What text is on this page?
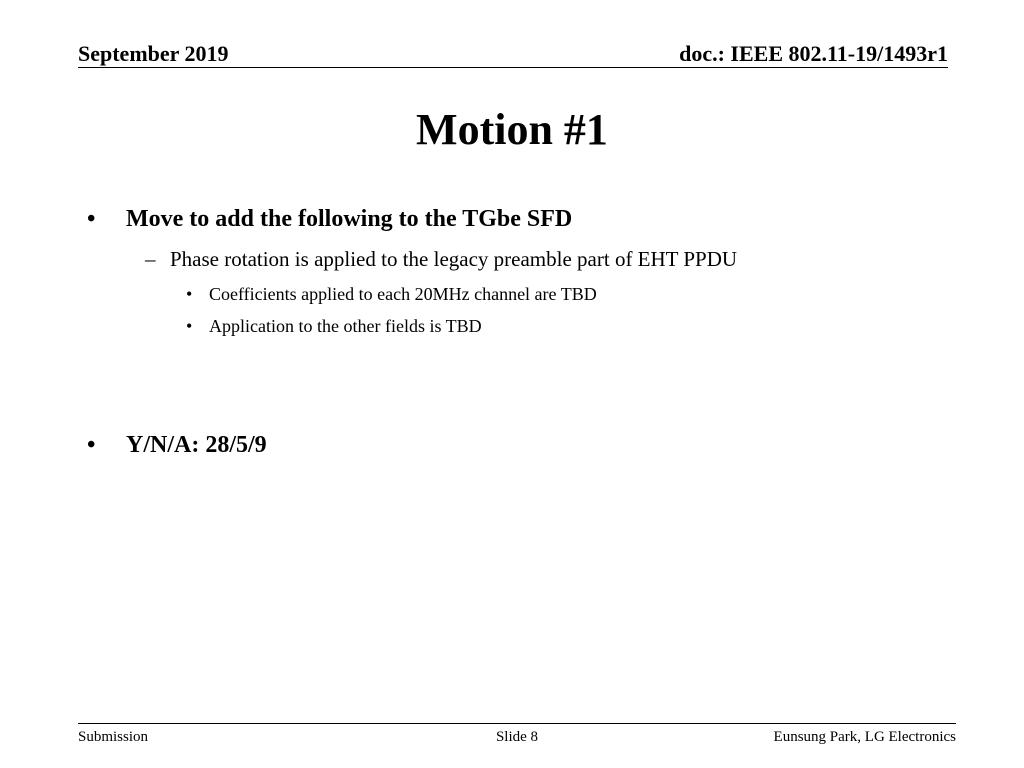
September 2019	doc.: IEEE 802.11-19/1493r1
Motion #1
• Move to add the following to the TGbe SFD
– Phase rotation is applied to the legacy preamble part of EHT PPDU
• Coefficients applied to each 20MHz channel are TBD
• Application to the other fields is TBD
• Y/N/A: 28/5/9
Submission	Slide 8	Eunsung Park, LG Electronics
